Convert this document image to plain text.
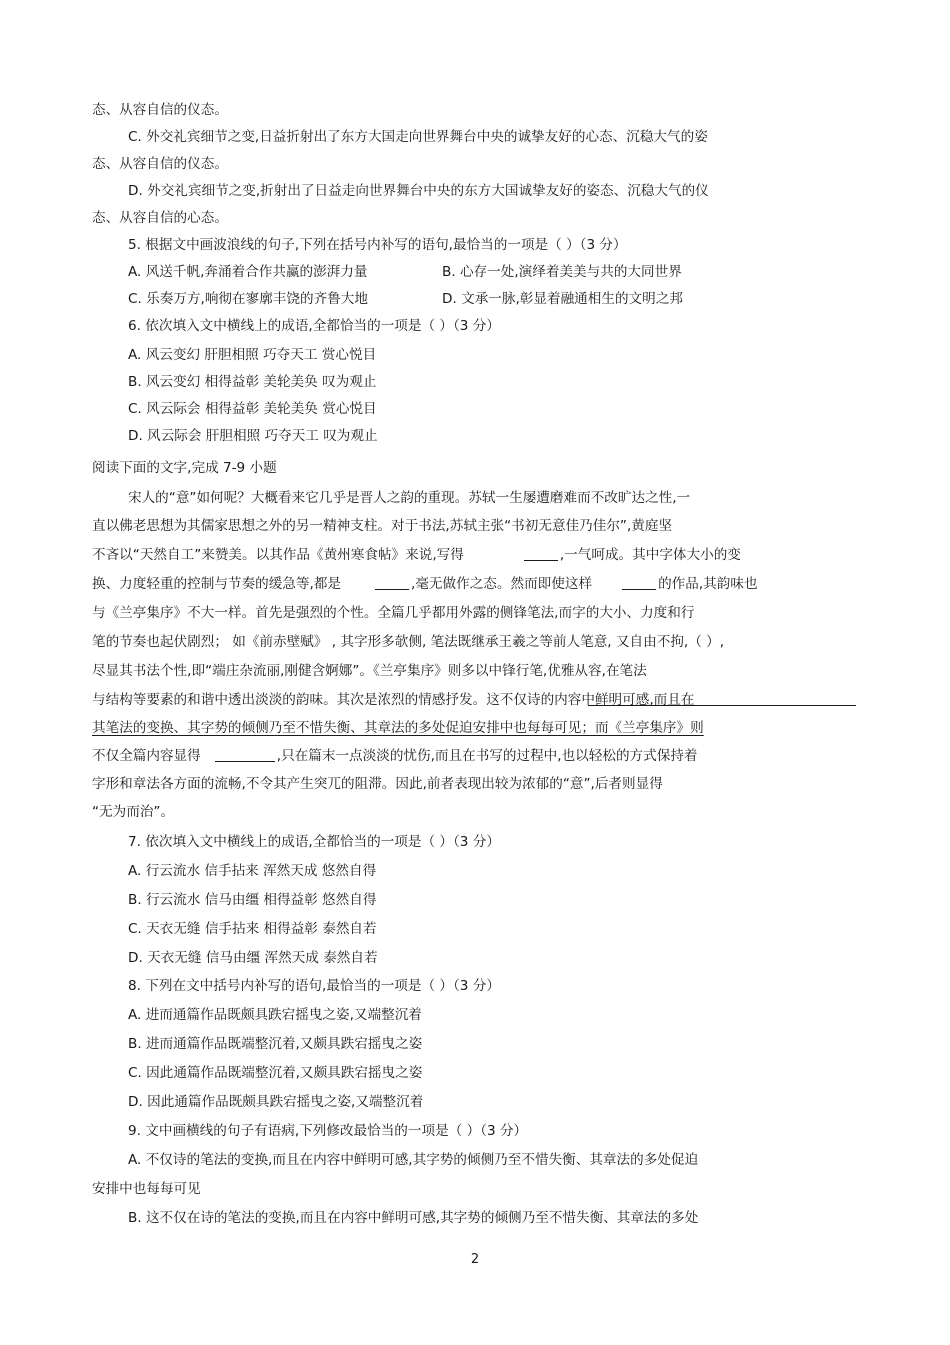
态、从容自信的仪态。
C. 外交礼宾细节之变,日益折射出了东方大国走向世界舞台中央的诚挚友好的心态、沉稳大气的姿
态、从容自信的仪态。
D. 外交礼宾细节之变,折射出了日益走向世界舞台中央的东方大国诚挚友好的姿态、沉稳大气的仪
态、从容自信的心态。
5. 根据文中画波浪线的句子,下列在括号内补写的语句,最恰当的一项是（ ）（3 分）
A. 风送千帆,奔涌着合作共赢的澎湃力量	B. 心存一处,演绎着美美与共的大同世界
C. 乐奏万方,响彻在寥廓丰饶的齐鲁大地	D. 文承一脉,彰显着融通相生的文明之邦
6. 依次填入文中横线上的成语,全都恰当的一项是（ ）（3 分）
A. 风云变幻 肝胆相照 巧夺天工 赏心悦目
B. 风云变幻 相得益彰 美轮美奂 叹为观止
C. 风云际会 相得益彰 美轮美奂 赏心悦目
D. 风云际会 肝胆相照 巧夺天工 叹为观止
阅读下面的文字,完成 7-9 小题
宋人的“意”如何呢？大概看来它几乎是晋人之韵的重现。苏轼一生屡遭磨难而不改旷达之性,一
直以佛老思想为其儒家思想之外的另一精神支柱。对于书法,苏轼主张“书初无意佳乃佳尔”,黄庭坚
不吝以“天然自工”来赞美。以其作品《黄州寒食帖》来说,写得	,一气呵成。其中字体大小的变
换、力度轻重的控制与节奏的缓急等,都是	,毫无做作之态。然而即使这样	的作品,其韵味也
与《兰亭集序》不大一样。首先是强烈的个性。全篇几乎都用外露的侧锋笔法,而字的大小、力度和行
笔的节奏也起伏剧烈； 如《前赤壁赋》 , 其字形多欹侧, 笔法既继承王羲之等前人笔意, 又自由不拘,（ ）,
尽显其书法个性,即“端庄杂流丽,刚健含婀娜”。《兰亭集序》则多以中锋行笔,优雅从容,在笔法
与结构等要素的和谐中透出淡淡的韵味。其次是浓烈的情感抒发。这不仅诗的内容中鲜明可感,而且在
其笔法的变换、其字势的倾侧乃至不惜失衡、其章法的多处促迫安排中也每每可见；而《兰亭集序》则
不仅全篇内容显得	,只在篇末一点淡淡的忧伤,而且在书写的过程中,也以轻松的方式保持着
字形和章法各方面的流畅,不令其产生突兀的阻滞。因此,前者表现出较为浓郁的“意”,后者则显得
“无为而治”。
7. 依次填入文中横线上的成语,全都恰当的一项是（ ）（3 分）
A. 行云流水 信手拈来 浑然天成 悠然自得
B. 行云流水 信马由缰 相得益彰 悠然自得
C. 天衣无缝 信手拈来 相得益彰 泰然自若
D. 天衣无缝 信马由缰 浑然天成 泰然自若
8. 下列在文中括号内补写的语句,最恰当的一项是（ ）（3 分）
A. 进而通篇作品既颇具跌宕摇曳之姿,又端整沉着
B. 进而通篇作品既端整沉着,又颇具跌宕摇曳之姿
C. 因此通篇作品既端整沉着,又颇具跌宕摇曳之姿
D. 因此通篇作品既颇具跌宕摇曳之姿,又端整沉着
9. 文中画横线的句子有语病,下列修改最恰当的一项是（ ）（3 分）
A. 不仅诗的笔法的变换,而且在内容中鲜明可感,其字势的倾侧乃至不惜失衡、其章法的多处促迫
安排中也每每可见
B. 这不仅在诗的笔法的变换,而且在内容中鲜明可感,其字势的倾侧乃至不惜失衡、其章法的多处
2
